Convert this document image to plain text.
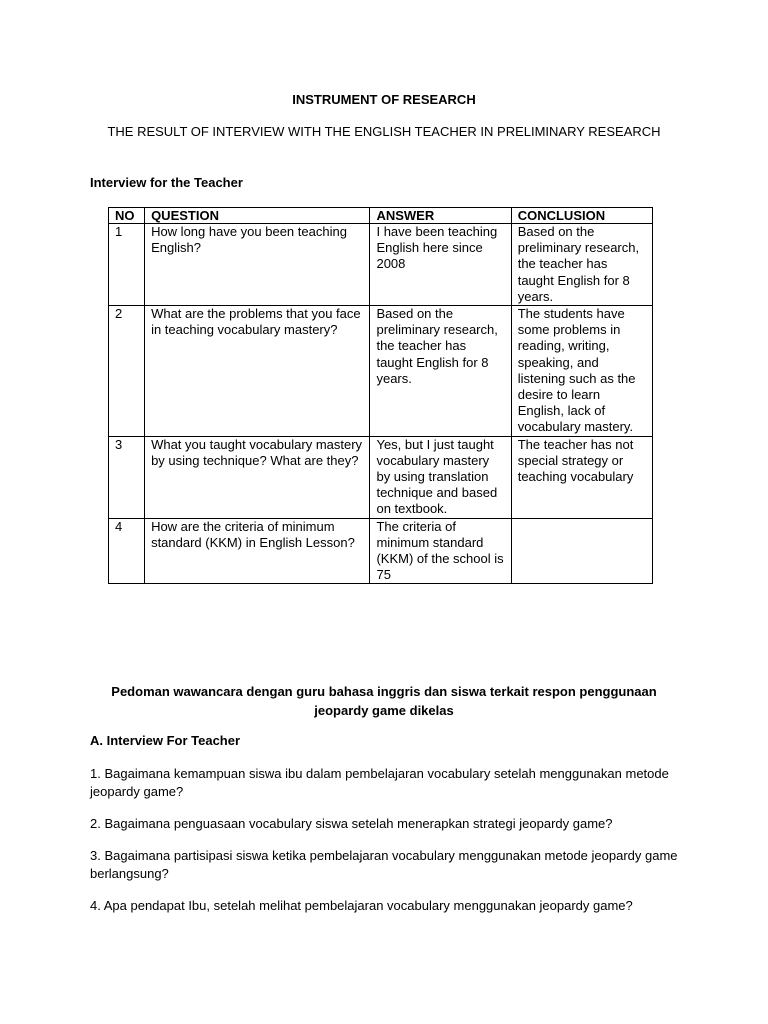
INSTRUMENT OF RESEARCH
THE RESULT OF INTERVIEW WITH THE ENGLISH TEACHER IN PRELIMINARY RESEARCH
Interview for the Teacher
NO	QUESTION	ANSWER	CONCLUSION
1	How long have you been teaching English?	I have been teaching English here since 2008	Based on the preliminary research, the teacher has taught English for 8 years.
2	What are the problems that you face in teaching vocabulary mastery?	Based on the preliminary research, the teacher has taught English for 8 years.	The students have some problems in reading, writing, speaking, and listening such as the desire to learn English, lack of vocabulary mastery.
3	What you taught vocabulary mastery by using technique? What are they?	Yes, but I just taught vocabulary mastery by using translation technique and based on textbook.	The teacher has not special strategy or teaching vocabulary
4	How are the criteria of minimum standard (KKM) in English Lesson?	The criteria of minimum standard (KKM) of the school is 75	
Pedoman wawancara dengan guru bahasa inggris dan siswa terkait respon penggunaan jeopardy game dikelas
A. Interview For Teacher
1. Bagaimana kemampuan siswa ibu dalam pembelajaran vocabulary setelah menggunakan metode jeopardy game?
2. Bagaimana penguasaan vocabulary siswa setelah menerapkan strategi jeopardy game?
3. Bagaimana partisipasi siswa ketika pembelajaran vocabulary menggunakan metode jeopardy game berlangsung?
4. Apa pendapat Ibu, setelah melihat pembelajaran vocabulary menggunakan jeopardy game?
